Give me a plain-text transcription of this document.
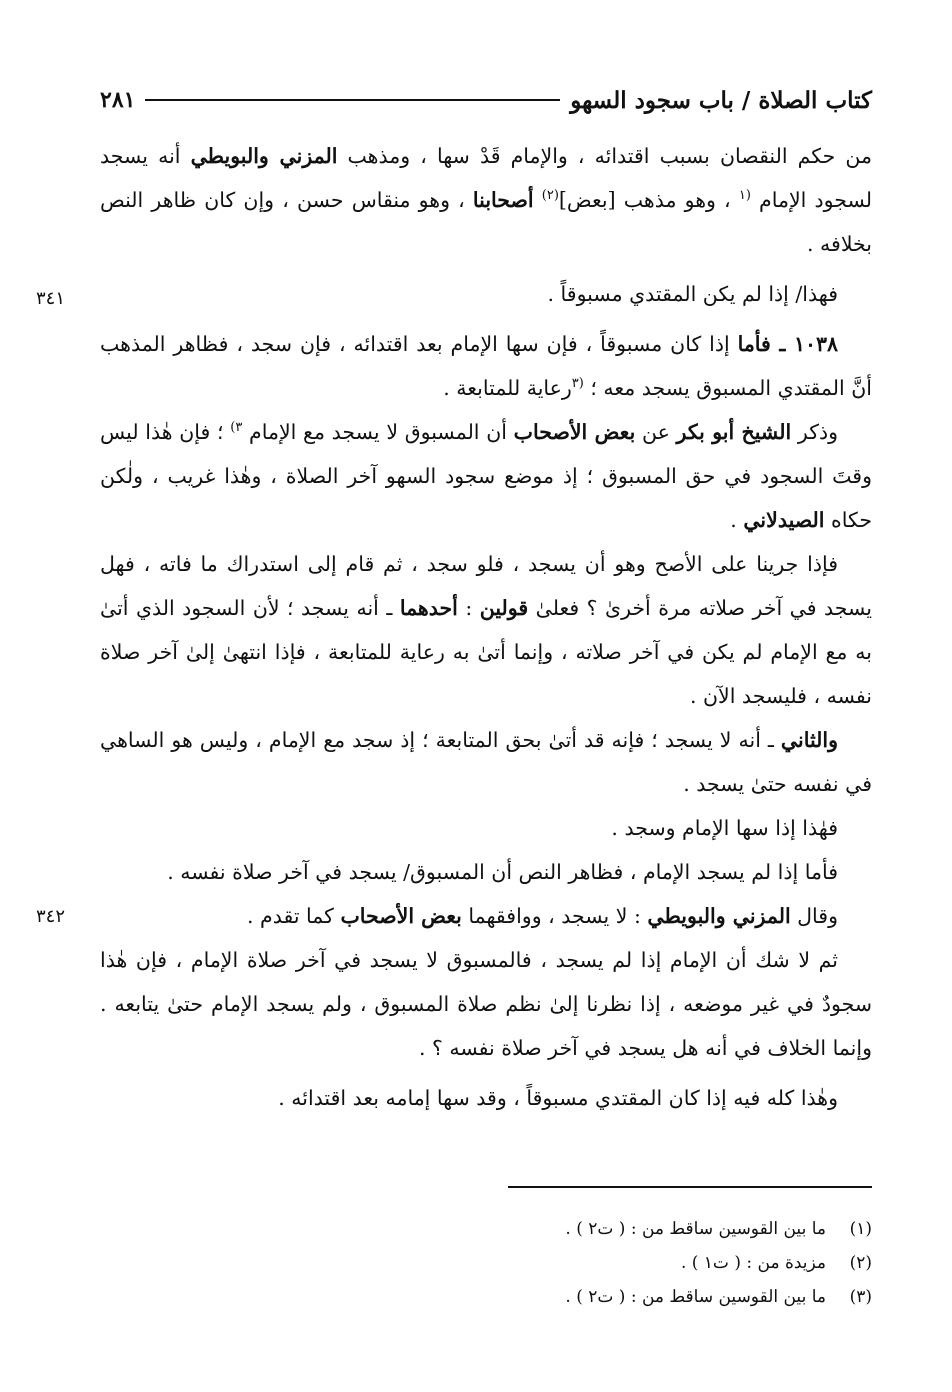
كتاب الصلاة / باب سجود السهو
٢٨١

من حكم النقصان بسبب اقتدائه ، والإمام قَدْ سها ، ومذهب المزني والبويطي أنه يسجد لسجود الإمام $^{(١}$ ، وهو مذهب [بعض]$^{(٢)}$ أصحابنا ، وهو منقاس حسن ، وإن كان ظاهر النص بخلافه .

فهذا/ إذا لم يكن المقتدي مسبوقاً .

١٠٣٨ ـ فأما إذا كان مسبوقاً ، فإن سها الإمام بعد اقتدائه ، فإن سجد ، فظاهر المذهب أنَّ المقتدي المسبوق يسجد معه ؛ $^{(٣}$رعاية للمتابعة .

وذكر الشيخ أبو بكر عن بعض الأصحاب أن المسبوق لا يسجد مع الإمام $^{٣)}$ ؛ فإن هٰذا ليس وقتَ السجود في حق المسبوق ؛ إذ موضع سجود السهو آخر الصلاة ، وهٰذا غريب ، ولٰكن حكاه الصيدلاني .

فإذا جرينا على الأصح وهو أن يسجد ، فلو سجد ، ثم قام إلى استدراك ما فاته ، فهل يسجد في آخر صلاته مرة أخرىٰ ؟ فعلىٰ قولين : أحدهما ـ أنه يسجد ؛ لأن السجود الذي أتىٰ به مع الإمام لم يكن في آخر صلاته ، وإنما أتىٰ به رعاية للمتابعة ، فإذا انتهىٰ إلىٰ آخر صلاة نفسه ، فليسجد الآن .

والثاني ـ أنه لا يسجد ؛ فإنه قد أتىٰ بحق المتابعة ؛ إذ سجد مع الإمام ، وليس هو الساهي في نفسه حتىٰ يسجد .

فهٰذا إذا سها الإمام وسجد .

فأما إذا لم يسجد الإمام ، فظاهر النص أن المسبوق/ يسجد في آخر صلاة نفسه .

وقال المزني والبويطي : لا يسجد ، ووافقهما بعض الأصحاب كما تقدم .

ثم لا شك أن الإمام إذا لم يسجد ، فالمسبوق لا يسجد في آخر صلاة الإمام ، فإن هٰذا سجودٌ في غير موضعه ، إذا نظرنا إلىٰ نظم صلاة المسبوق ، ولم يسجد الإمام حتىٰ يتابعه . وإنما الخلاف في أنه هل يسجد في آخر صلاة نفسه ؟ .

وهٰذا كله فيه إذا كان المقتدي مسبوقاً ، وقد سها إمامه بعد اقتدائه .

٣٤١
٣٤٢
(١)ما بين القوسين ساقط من : ( ت٢ ) .
(٢)مزيدة من : ( ت١ ) .
(٣)ما بين القوسين ساقط من : ( ت٢ ) .
